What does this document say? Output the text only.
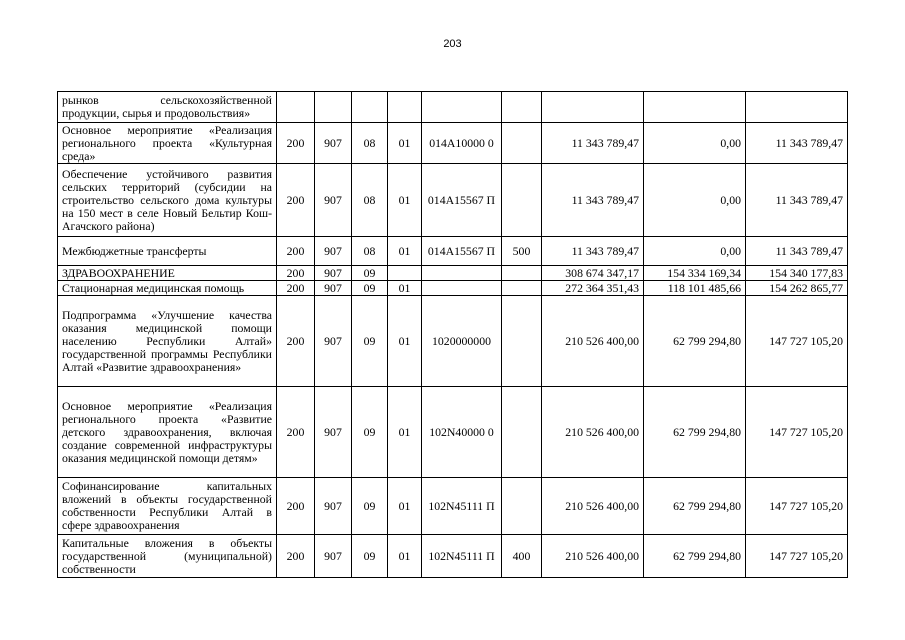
203
рынков сельскохозяйственной продукции, сырья и продовольствия»									
Основное мероприятие «Реализация регионального проекта «Культурная среда»	200	907	08	01	014A10000 0		11 343 789,47	0,00	11 343 789,47
Обеспечение устойчивого развития сельских территорий (субсидии на строительство сельского дома культуры на 150 мест в селе Новый Бельтир Кош-Агачского района)	200	907	08	01	014A15567 П		11 343 789,47	0,00	11 343 789,47
Межбюджетные трансферты	200	907	08	01	014A15567 П	500	11 343 789,47	0,00	11 343 789,47
ЗДРАВООХРАНЕНИЕ	200	907	09				308 674 347,17	154 334 169,34	154 340 177,83
Стационарная медицинская помощь	200	907	09	01			272 364 351,43	118 101 485,66	154 262 865,77
Подпрограмма «Улучшение качества оказания медицинской помощи населению Республики Алтай» государственной программы Республики Алтай «Развитие здравоохранения»	200	907	09	01	1020000000		210 526 400,00	62 799 294,80	147 727 105,20
Основное мероприятие «Реализация регионального проекта «Развитие детского здравоохранения, включая создание современной инфраструктуры оказания медицинской помощи детям»	200	907	09	01	102N40000 0		210 526 400,00	62 799 294,80	147 727 105,20
Софинансирование капитальных вложений в объекты государственной собственности Республики Алтай в сфере здравоохранения	200	907	09	01	102N45111 П		210 526 400,00	62 799 294,80	147 727 105,20
Капитальные вложения в объекты государственной (муниципальной) собственности	200	907	09	01	102N45111 П	400	210 526 400,00	62 799 294,80	147 727 105,20
